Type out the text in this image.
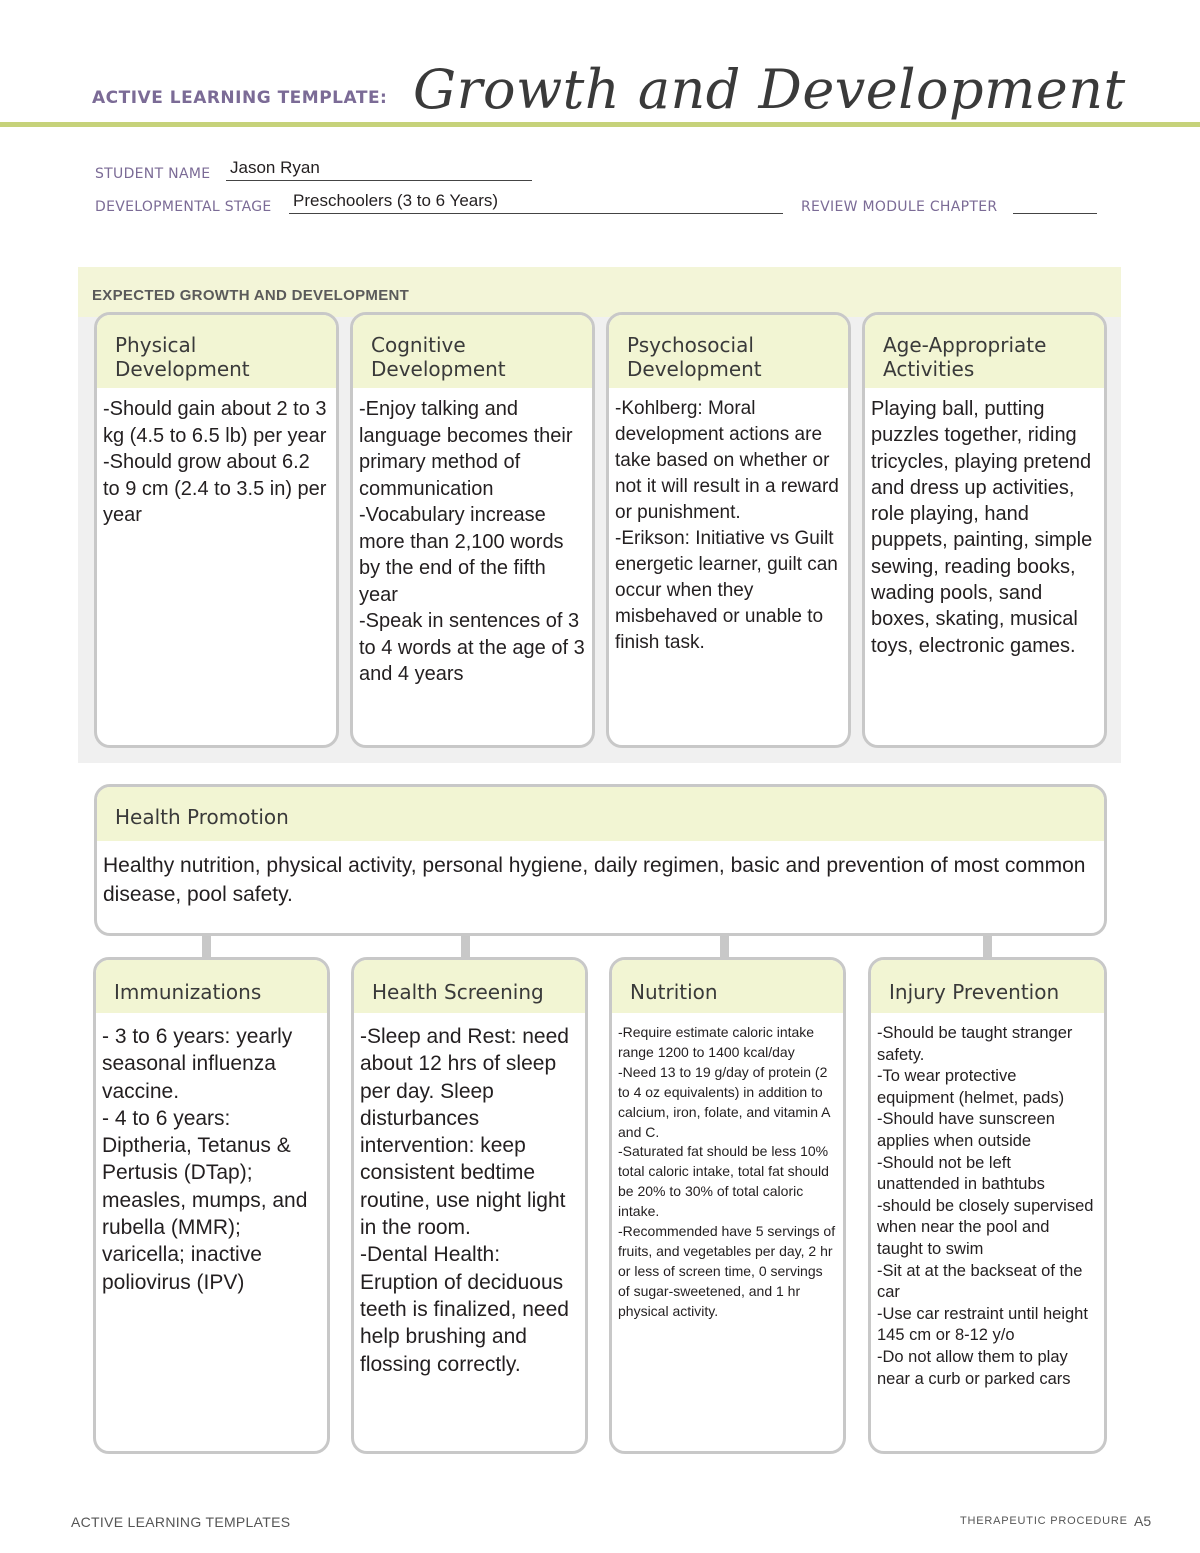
ACTIVE LEARNING TEMPLATE: Growth and Development
STUDENT NAME Jason Ryan
DEVELOPMENTAL STAGE Preschoolers (3 to 6 Years)	REVIEW MODULE CHAPTER
EXPECTED GROWTH AND DEVELOPMENT
Physical
Development
-Should gain about 2 to 3 kg (4.5 to 6.5 lb) per year
-Should grow about 6.2 to 9 cm (2.4 to 3.5 in) per year
Cognitive
Development
-Enjoy talking and language becomes their primary method of communication
-Vocabulary increase more than 2,100 words by the end of the fifth year
-Speak in sentences of 3 to 4 words at the age of 3 and 4 years
Psychosocial
Development
-Kohlberg: Moral development actions are take based on whether or not it will result in a reward or punishment.
-Erikson: Initiative vs Guilt energetic learner, guilt can occur when they misbehaved or unable to finish task.
Age-Appropriate
Activities
Playing ball, putting puzzles together, riding tricycles, playing pretend and dress up activities, role playing, hand puppets, painting, simple sewing, reading books, wading pools, sand boxes, skating, musical toys, electronic games.
Health Promotion
Healthy nutrition, physical activity, personal hygiene, daily regimen, basic and prevention of most common disease, pool safety.
Immunizations
- 3 to 6 years: yearly seasonal influenza vaccine.
- 4 to 6 years: Diptheria, Tetanus & Pertusis (DTap); measles, mumps, and rubella (MMR); varicella; inactive poliovirus (IPV)
Health Screening
-Sleep and Rest: need about 12 hrs of sleep per day. Sleep disturbances intervention: keep consistent bedtime routine, use night light in the room.
-Dental Health: Eruption of deciduous teeth is finalized, need help brushing and flossing correctly.
Nutrition
-Require estimate caloric intake range 1200 to 1400 kcal/day
-Need 13 to 19 g/day of protein (2 to 4 oz equivalents) in addition to calcium, iron, folate, and vitamin A and C.
-Saturated fat should be less 10% total caloric intake, total fat should be 20% to 30% of total caloric intake.
-Recommended have 5 servings of fruits, and vegetables per day, 2 hr or less of screen time, 0 servings of sugar-sweetened, and 1 hr physical activity.
Injury Prevention
-Should be taught stranger safety.
-To wear protective equipment (helmet, pads)
-Should have sunscreen applies when outside
-Should not be left unattended in bathtubs
-should be closely supervised when near the pool and taught to swim
-Sit at at the backseat of the car
-Use car restraint until height 145 cm or 8-12 y/o
-Do not allow them to play near a curb or parked cars
ACTIVE LEARNING TEMPLATES	THERAPEUTIC PROCEDURE A5
